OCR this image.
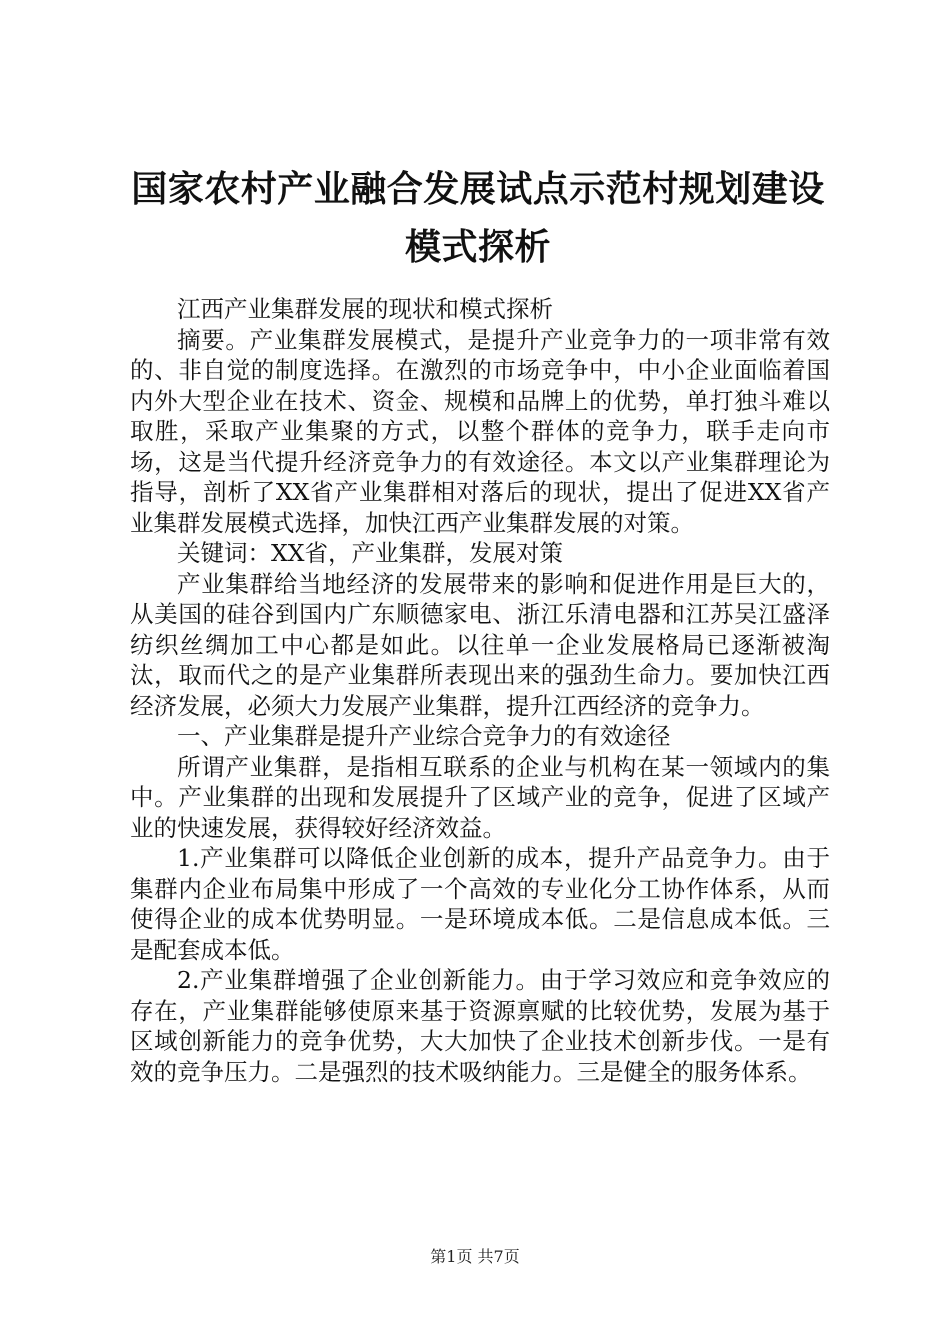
国家农村产业融合发展试点示范村规划建设模式探析

江西产业集群发展的现状和模式探析

摘要。产业集群发展模式，是提升产业竞争力的一项非常有效的、非自觉的制度选择。在激烈的市场竞争中，中小企业面临着国内外大型企业在技术、资金、规模和品牌上的优势，单打独斗难以取胜，采取产业集聚的方式，以整个群体的竞争力，联手走向市场，这是当代提升经济竞争力的有效途径。本文以产业集群理论为指导，剖析了XX省产业集群相对落后的现状，提出了促进XX省产业集群发展模式选择，加快江西产业集群发展的对策。

关键词：XX省，产业集群，发展对策

产业集群给当地经济的发展带来的影响和促进作用是巨大的，从美国的硅谷到国内广东顺德家电、浙江乐清电器和江苏吴江盛泽纺织丝绸加工中心都是如此。以往单一企业发展格局已逐渐被淘汰，取而代之的是产业集群所表现出来的强劲生命力。要加快江西经济发展，必须大力发展产业集群，提升江西经济的竞争力。

一、产业集群是提升产业综合竞争力的有效途径

所谓产业集群，是指相互联系的企业与机构在某一领域内的集中。产业集群的出现和发展提升了区域产业的竞争，促进了区域产业的快速发展，获得较好经济效益。

1.产业集群可以降低企业创新的成本，提升产品竞争力。由于集群内企业布局集中形成了一个高效的专业化分工协作体系，从而使得企业的成本优势明显。一是环境成本低。二是信息成本低。三是配套成本低。

2.产业集群增强了企业创新能力。由于学习效应和竞争效应的存在，产业集群能够使原来基于资源禀赋的比较优势，发展为基于区域创新能力的竞争优势，大大加快了企业技术创新步伐。一是有效的竞争压力。二是强烈的技术吸纳能力。三是健全的服务体系。

第1页 共7页
